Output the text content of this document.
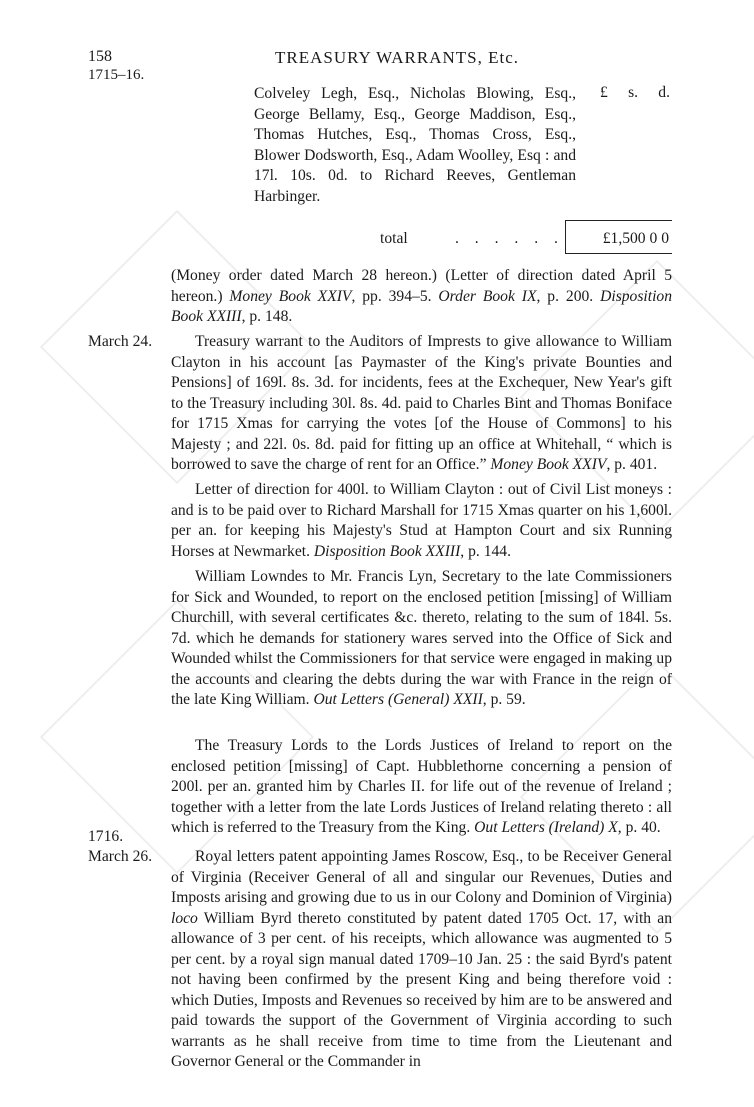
158	TREASURY WARRANTS, Etc.
1715–16.
£ s. d.

Colveley Legh, Esq., Nicholas Blowing, Esq., George Bellamy, Esq., George Maddison, Esq., Thomas Hutches, Esq., Thomas Cross, Esq., Blower Dodsworth, Esq., Adam Woolley, Esq : and 17l. 10s. 0d. to Richard Reeves, Gentleman Harbinger.

total	. . . . . .	£1,500 0 0

(Money order dated March 28 hereon.) (Letter of direction dated April 5 hereon.) Money Book XXIV, pp. 394–5. Order Book IX, p. 200. Disposition Book XXIII, p. 148.

March 24.	Treasury warrant to the Auditors of Imprests to give allowance to William Clayton in his account [as Paymaster of the King's private Bounties and Pensions] of 169l. 8s. 3d. for incidents, fees at the Exchequer, New Year's gift to the Treasury including 30l. 8s. 4d. paid to Charles Bint and Thomas Boniface for 1715 Xmas for carrying the votes [of the House of Commons] to his Majesty ; and 22l. 0s. 8d. paid for fitting up an office at Whitehall, “ which is borrowed to save the charge of rent for an Office.” Money Book XXIV, p. 401.

Letter of direction for 400l. to William Clayton : out of Civil List moneys : and is to be paid over to Richard Marshall for 1715 Xmas quarter on his 1,600l. per an. for keeping his Majesty's Stud at Hampton Court and six Running Horses at Newmarket. Disposition Book XXIII, p. 144.

William Lowndes to Mr. Francis Lyn, Secretary to the late Commissioners for Sick and Wounded, to report on the enclosed petition [missing] of William Churchill, with several certificates &c. thereto, relating to the sum of 184l. 5s. 7d. which he demands for stationery wares served into the Office of Sick and Wounded whilst the Commissioners for that service were engaged in making up the accounts and clearing the debts during the war with France in the reign of the late King William. Out Letters (General) XXII, p. 59.

The Treasury Lords to the Lords Justices of Ireland to report on the enclosed petition [missing] of Capt. Hubblethorne concerning a pension of 200l. per an. granted him by Charles II. for life out of the revenue of Ireland ; together with a letter from the late Lords Justices of Ireland relating thereto : all which is referred to the Treasury from the King. Out Letters (Ireland) X, p. 40.

1716.
March 26.	Royal letters patent appointing James Roscow, Esq., to be Receiver General of Virginia (Receiver General of all and singular our Revenues, Duties and Imposts arising and growing due to us in our Colony and Dominion of Virginia) loco William Byrd thereto constituted by patent dated 1705 Oct. 17, with an allowance of 3 per cent. of his receipts, which allowance was augmented to 5 per cent. by a royal sign manual dated 1709–10 Jan. 25 : the said Byrd's patent not having been confirmed by the present King and being therefore void : which Duties, Imposts and Revenues so received by him are to be answered and paid towards the support of the Government of Virginia according to such warrants as he shall receive from time to time from the Lieutenant and Governor General or the Commander in
